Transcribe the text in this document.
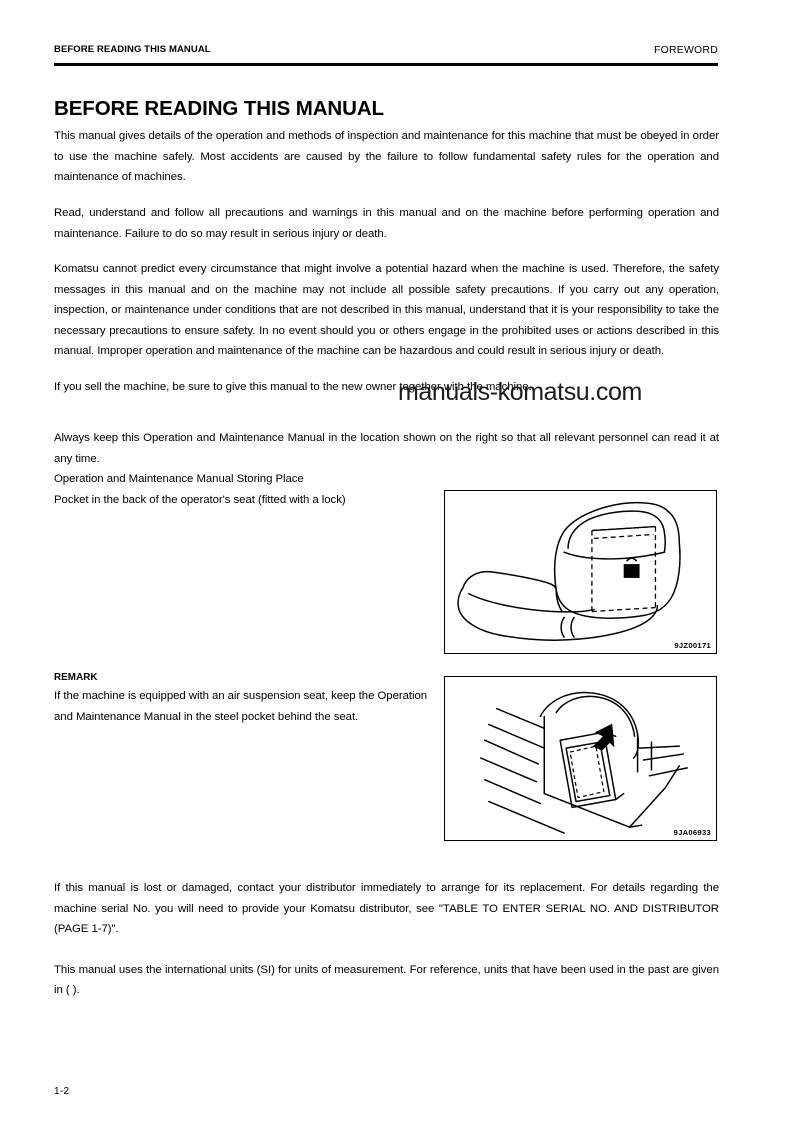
BEFORE READING THIS MANUAL	FOREWORD
BEFORE READING THIS MANUAL

This manual gives details of the operation and methods of inspection and maintenance for this machine that must be obeyed in order to use the machine safely. Most accidents are caused by the failure to follow fundamental safety rules for the operation and maintenance of machines.

Read, understand and follow all precautions and warnings in this manual and on the machine before performing operation and maintenance. Failure to do so may result in serious injury or death.

Komatsu cannot predict every circumstance that might involve a potential hazard when the machine is used. Therefore, the safety messages in this manual and on the machine may not include all possible safety precautions. If you carry out any operation, inspection, or maintenance under conditions that are not described in this manual, understand that it is your responsibility to take the necessary precautions to ensure safety. In no event should you or others engage in the prohibited uses or actions described in this manual. Improper operation and maintenance of the machine can be hazardous and could result in serious injury or death.

If you sell the machine, be sure to give this manual to the new owner together with the machine.

manuals-komatsu.com

Always keep this Operation and Maintenance Manual in the location shown on the right so that all relevant personnel can read it at any time.

Operation and Maintenance Manual Storing Place
Pocket in the back of the operator's seat (fitted with a lock)
9JZ00171
9JA06933
REMARK

If the machine is equipped with an air suspension seat, keep the Operation and Maintenance Manual in the steel pocket behind the seat.

If this manual is lost or damaged, contact your distributor immediately to arrange for its replacement. For details regarding the machine serial No. you will need to provide your Komatsu distributor, see "TABLE TO ENTER SERIAL NO. AND DISTRIBUTOR (PAGE 1-7)".

This manual uses the international units (SI) for units of measurement. For reference, units that have been used in the past are given in ( ).

1-2
